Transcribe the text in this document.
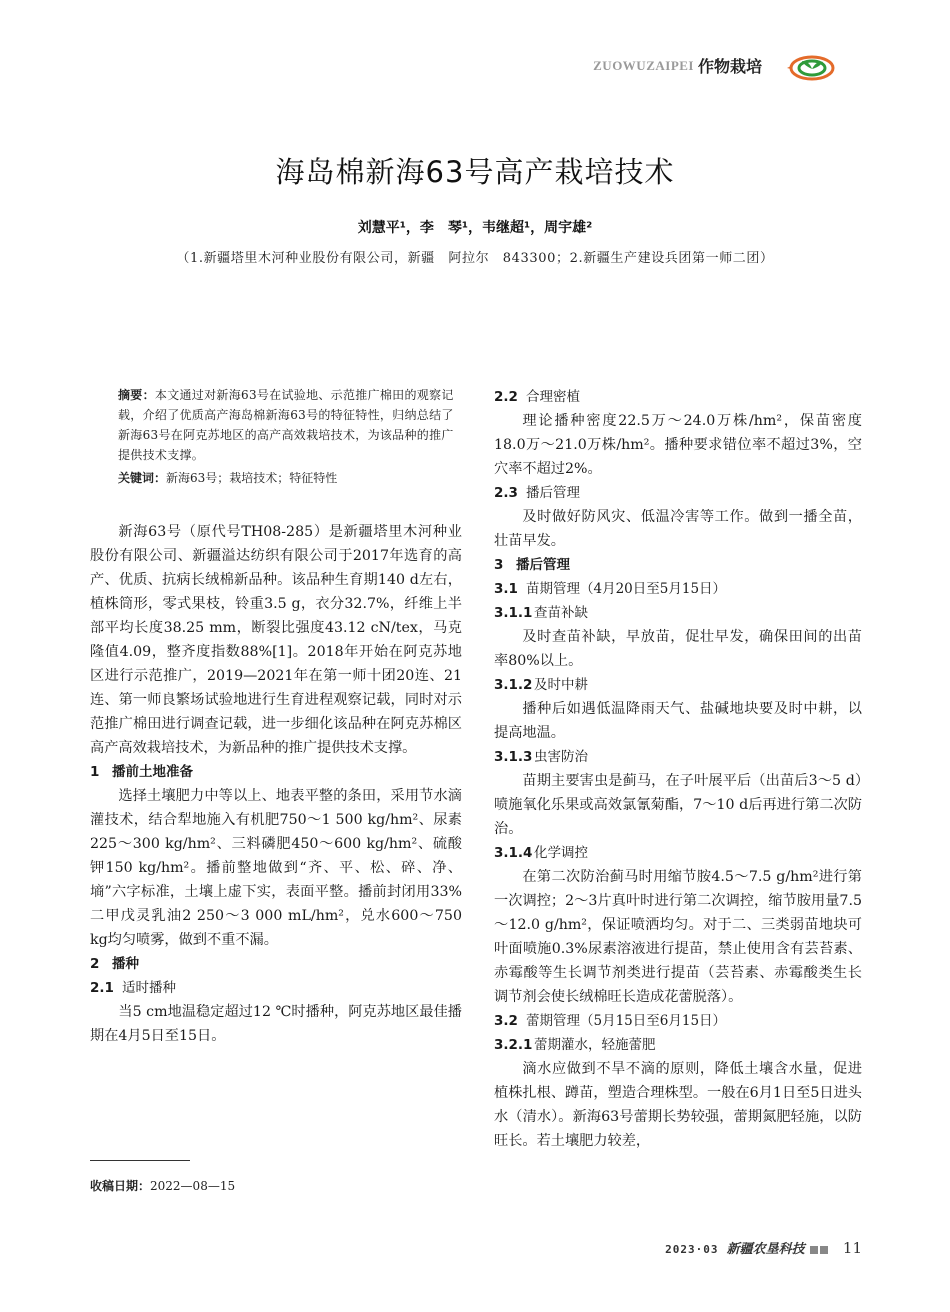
ZUOWUZAIPEI 作物栽培
海岛棉新海63号高产栽培技术
刘慧平¹，李　琴¹，韦继超¹，周宇雄²
（1.新疆塔里木河种业股份有限公司，新疆　阿拉尔　843300；2.新疆生产建设兵团第一师二团）
摘要：本文通过对新海63号在试验地、示范推广棉田的观察记载，介绍了优质高产海岛棉新海63号的特征特性，归纳总结了新海63号在阿克苏地区的高产高效栽培技术，为该品种的推广提供技术支撑。
关键词：新海63号；栽培技术；特征特性

新海63号（原代号TH08-285）是新疆塔里木河种业股份有限公司、新疆溢达纺织有限公司于2017年选育的高产、优质、抗病长绒棉新品种。该品种生育期140 d左右，植株筒形，零式果枝，铃重3.5 g，衣分32.7%，纤维上半部平均长度38.25 mm，断裂比强度43.12 cN/tex，马克隆值4.09，整齐度指数88%[1]。2018年开始在阿克苏地区进行示范推广，2019—2021年在第一师十团20连、21连、第一师良繁场试验地进行生育进程观察记载，同时对示范推广棉田进行调查记载，进一步细化该品种在阿克苏棉区高产高效栽培技术，为新品种的推广提供技术支撑。

1 播前土地准备

选择土壤肥力中等以上、地表平整的条田，采用节水滴灌技术，结合犁地施入有机肥750～1 500 kg/hm²、尿素225～300 kg/hm²、三料磷肥450～600 kg/hm²、硫酸钾150 kg/hm²。播前整地做到“齐、平、松、碎、净、墒”六字标准，土壤上虚下实，表面平整。播前封闭用33%二甲戊灵乳油2 250～3 000 mL/hm²，兑水600～750 kg均匀喷雾，做到不重不漏。

2 播种
2.1 适时播种

当5 cm地温稳定超过12 ℃时播种，阿克苏地区最佳播期在4月5日至15日。

2.2 合理密植

理论播种密度22.5万～24.0万株/hm²，保苗密度18.0万～21.0万株/hm²。播种要求错位率不超过3%，空穴率不超过2%。

2.3 播后管理

及时做好防风灾、低温冷害等工作。做到一播全苗，壮苗早发。

3 播后管理
3.1 苗期管理（4月20日至5月15日）
3.1.1 查苗补缺

及时查苗补缺，早放苗，促壮早发，确保田间的出苗率80%以上。

3.1.2 及时中耕

播种后如遇低温降雨天气、盐碱地块要及时中耕，以提高地温。

3.1.3 虫害防治

苗期主要害虫是蓟马，在子叶展平后（出苗后3～5 d）喷施氧化乐果或高效氯氰菊酯，7～10 d后再进行第二次防治。

3.1.4 化学调控

在第二次防治蓟马时用缩节胺4.5～7.5 g/hm²进行第一次调控；2～3片真叶时进行第二次调控，缩节胺用量7.5～12.0 g/hm²，保证喷洒均匀。对于二、三类弱苗地块可叶面喷施0.3%尿素溶液进行提苗，禁止使用含有芸苔素、赤霉酸等生长调节剂类进行提苗（芸苔素、赤霉酸类生长调节剂会使长绒棉旺长造成花蕾脱落）。

3.2 蕾期管理（5月15日至6月15日）
3.2.1 蕾期灌水，轻施蕾肥

滴水应做到不旱不滴的原则，降低土壤含水量，促进植株扎根、蹲苗，塑造合理株型。一般在6月1日至5日进头水（清水）。新海63号蕾期长势较强，蕾期氮肥轻施，以防旺长。若土壤肥力较差，

收稿日期：2022—08—15
2023·03 新疆农垦科技	11
